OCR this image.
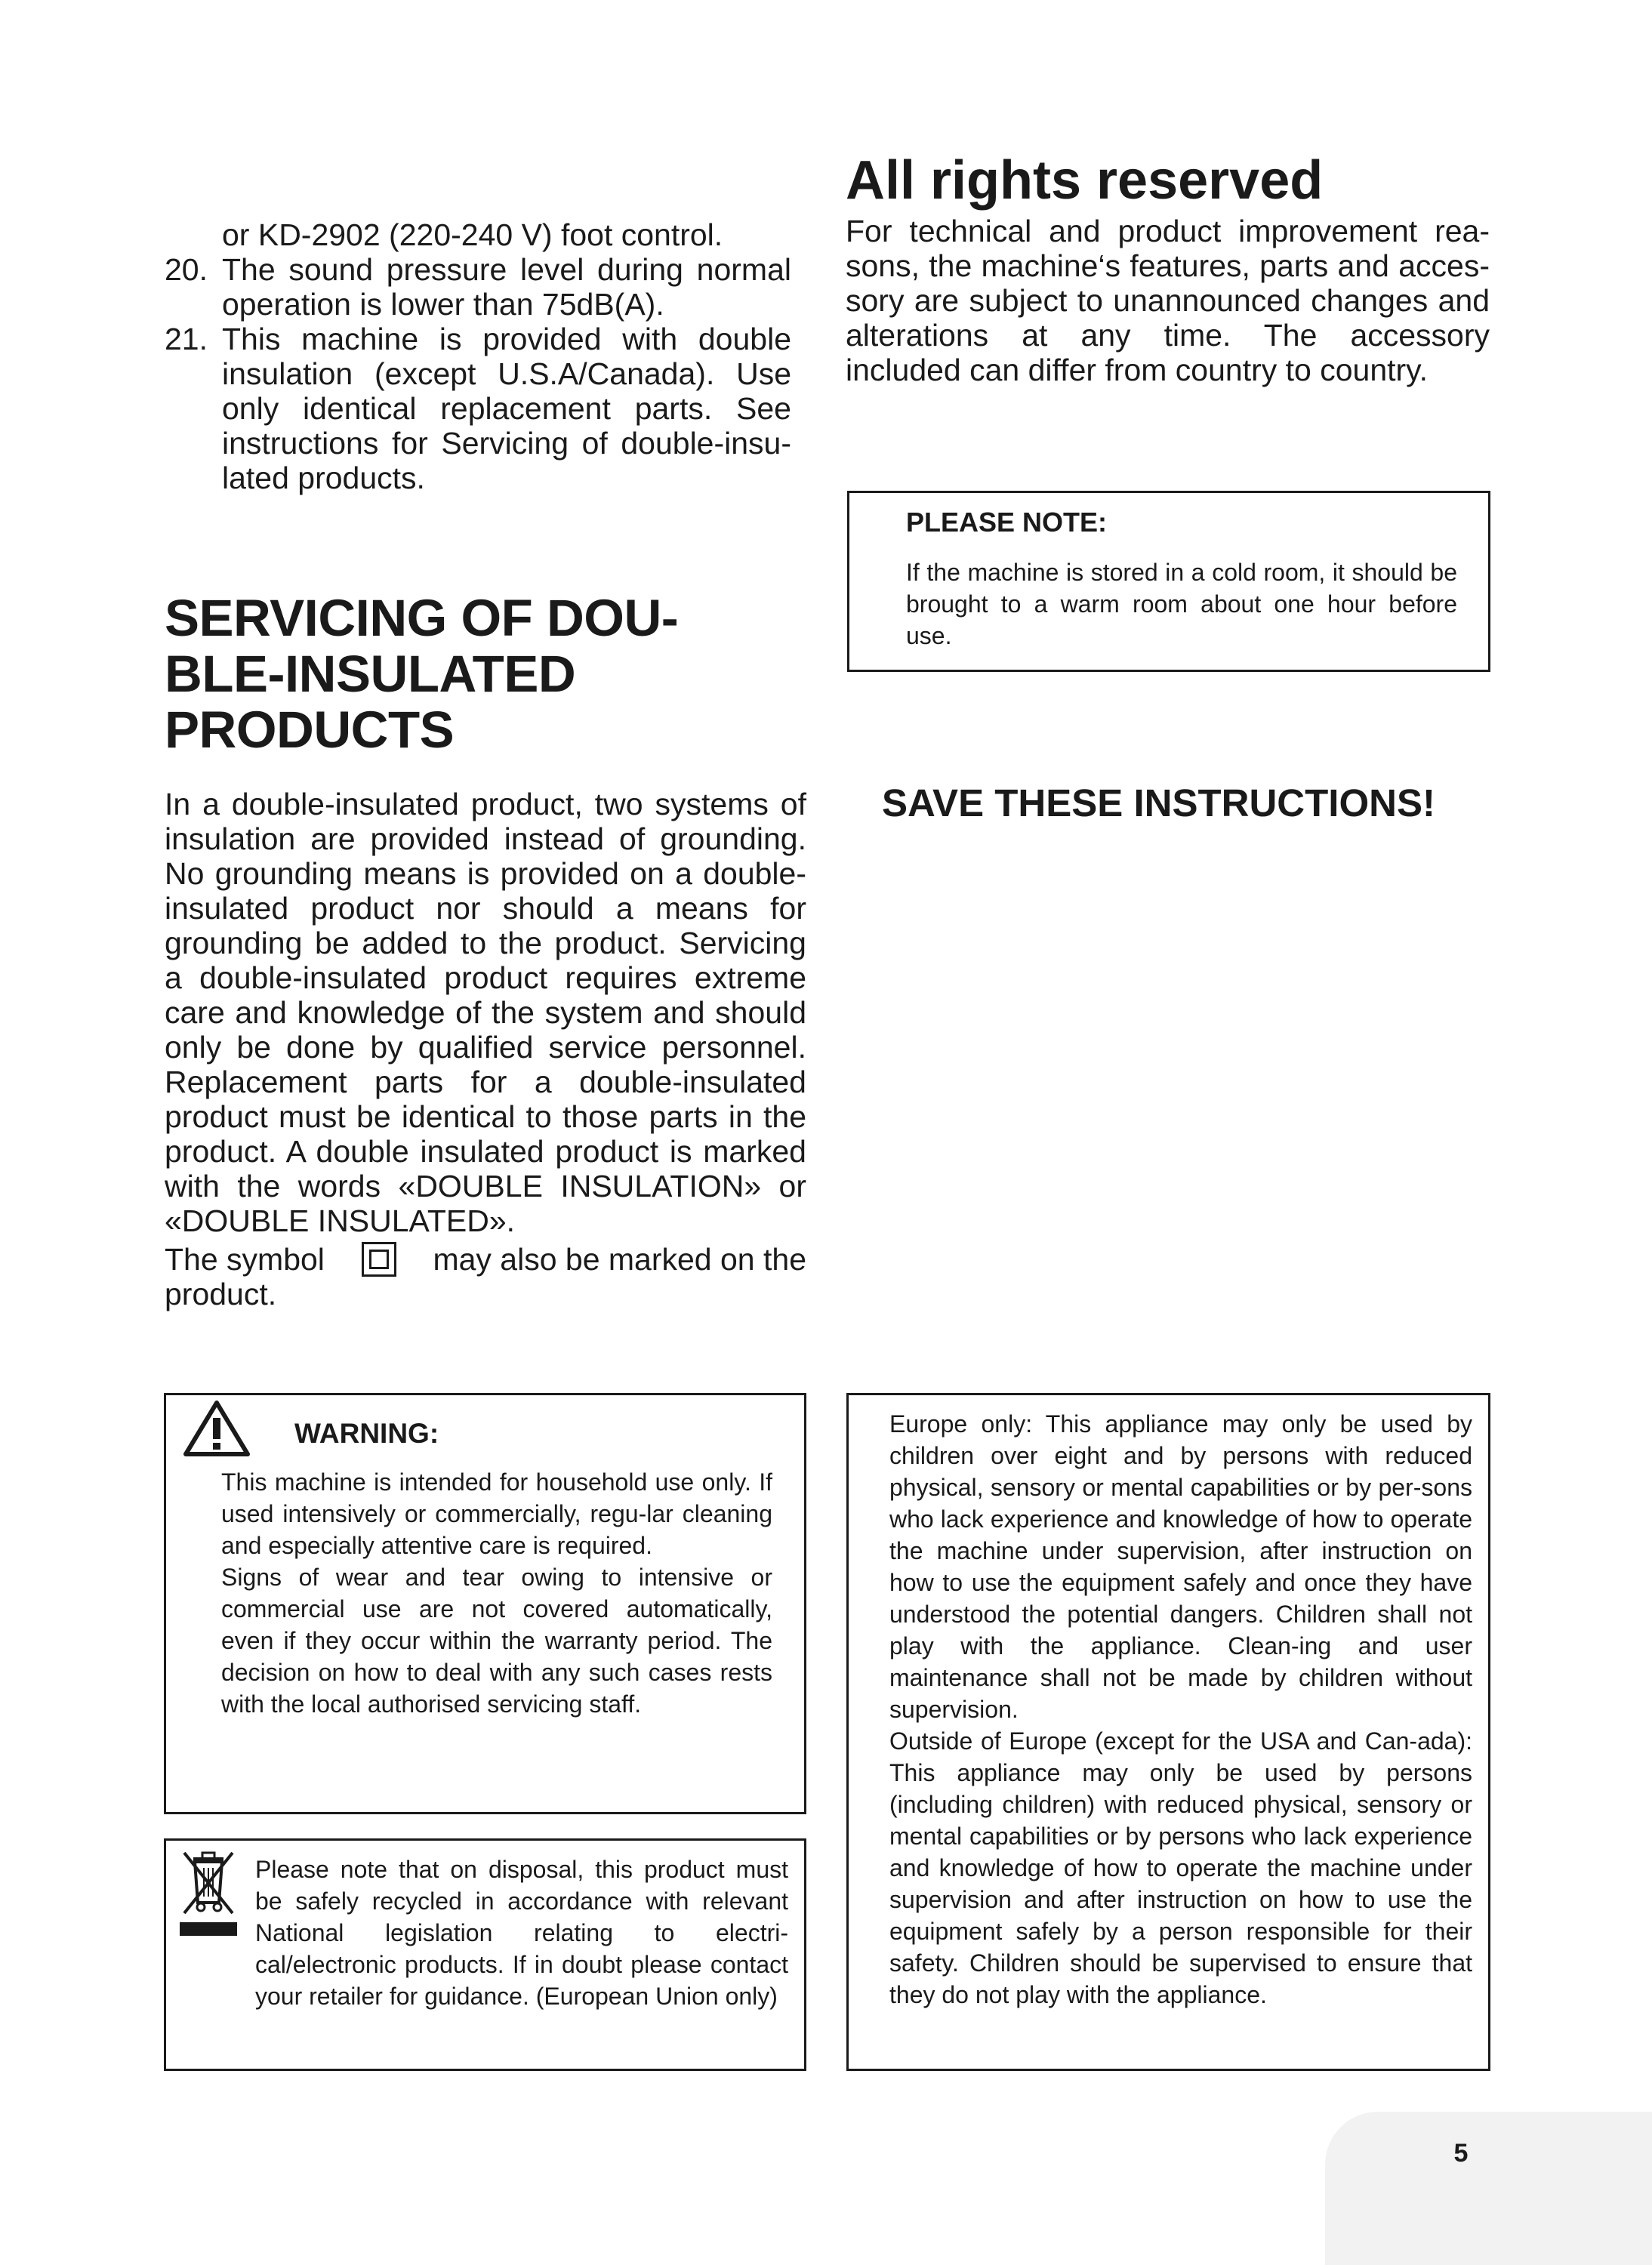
or KD-2902 (220-240 V) foot control.
20. The sound pressure level during normal operation is lower than 75dB(A).
21. This machine is provided with double insulation (except U.S.A/Canada). Use only identical replacement parts. See instructions for Servicing of double-insu-lated products.
SERVICING OF DOU-
BLE-INSULATED
PRODUCTS

In a double-insulated product, two systems of insulation are provided instead of grounding. No grounding means is provided on a double-insulated product nor should a means for grounding be added to the product. Servicing a double-insulated product requires extreme care and knowledge of the system and should only be done by qualified service personnel. Replacement parts for a double-insulated product must be identical to those parts in the product. A double insulated product is marked with the words «DOUBLE INSULATION» or «DOUBLE INSULATED».

The symbol	may also be marked on the
product.
All rights reserved

For technical and product improvement rea-sons, the machine‘s features, parts and acces-sory are subject to unannounced changes and alterations at any time. The accessory included can differ from country to country.

PLEASE NOTE:

If the machine is stored in a cold room, it should be brought to a warm room about one hour before use.

SAVE THESE INSTRUCTIONS!
WARNING:

This machine is intended for household use only. If used intensively or commercially, regu-lar cleaning and especially attentive care is required.

Signs of wear and tear owing to intensive or commercial use are not covered automatically, even if they occur within the warranty period. The decision on how to deal with any such cases rests with the local authorised servicing staff.

Please note that on disposal, this product must be safely recycled in accordance with relevant National legislation relating to electri-cal/electronic products. If in doubt please contact your retailer for guidance. (European Union only)

Europe only: This appliance may only be used by children over eight and by persons with reduced physical, sensory or mental capabilities or by per-sons who lack experience and knowledge of how to operate the machine under supervision, after instruction on how to use the equipment safely and once they have understood the potential dangers. Children shall not play with the appliance. Clean-ing and user maintenance shall not be made by children without supervision.

Outside of Europe (except for the USA and Can-ada): This appliance may only be used by persons (including children) with reduced physical, sensory or mental capabilities or by persons who lack experience and knowledge of how to operate the machine under supervision and after instruction on how to use the equipment safely by a person responsible for their safety. Children should be supervised to ensure that they do not play with the appliance.

5
